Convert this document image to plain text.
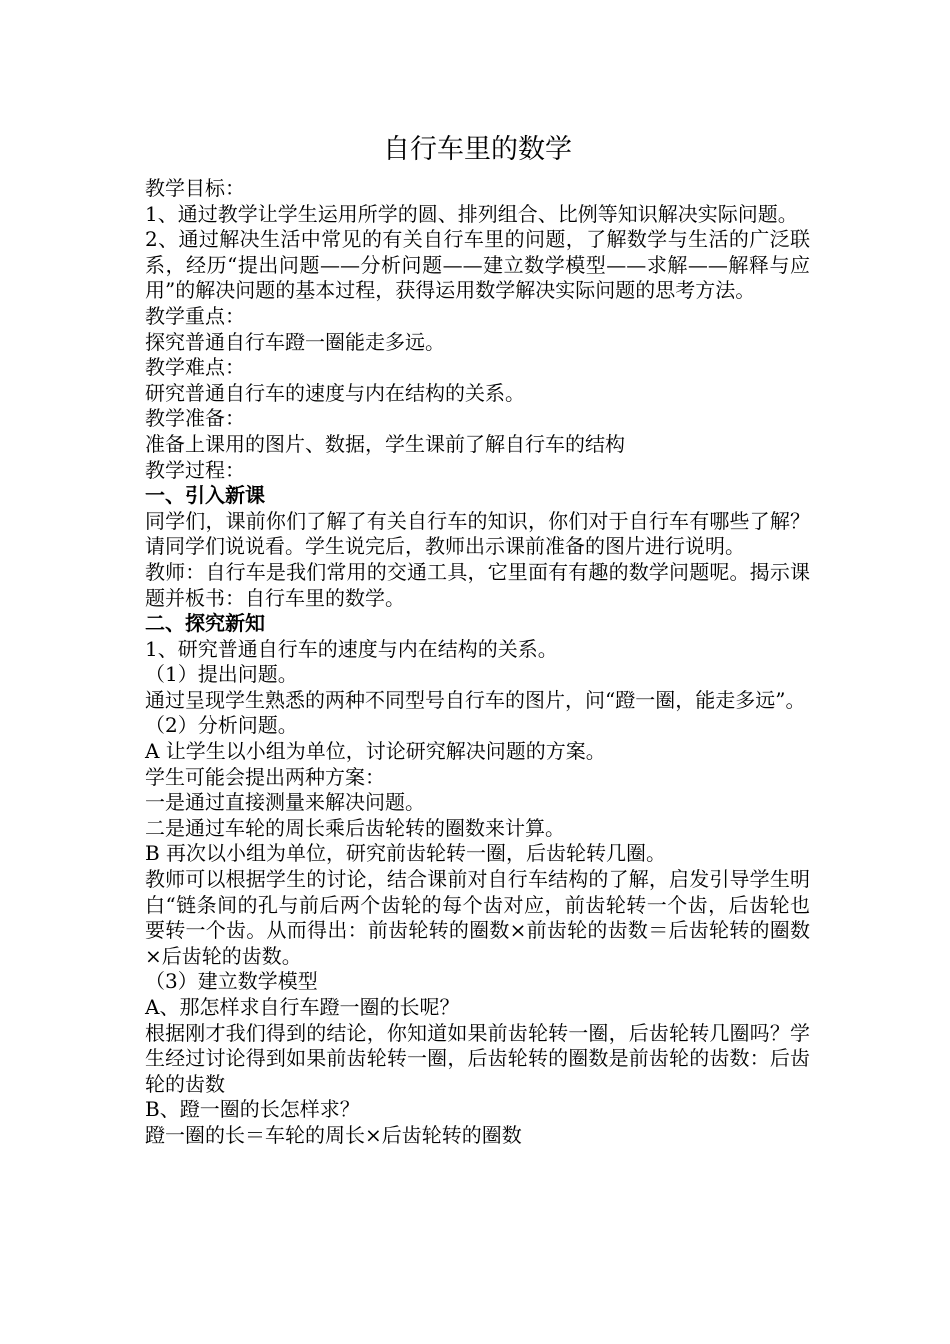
自行车里的数学

教学目标：

1、通过教学让学生运用所学的圆、排列组合、比例等知识解决实际问题。

2、通过解决生活中常见的有关自行车里的问题，了解数学与生活的广泛联系，经历“提出问题——分析问题——建立数学模型——求解——解释与应用”的解决问题的基本过程，获得运用数学解决实际问题的思考方法。

教学重点：

探究普通自行车蹬一圈能走多远。

教学难点：

研究普通自行车的速度与内在结构的关系。

教学准备：

准备上课用的图片、数据，学生课前了解自行车的结构

教学过程：

一、引入新课

同学们，课前你们了解了有关自行车的知识，你们对于自行车有哪些了解？请同学们说说看。学生说完后，教师出示课前准备的图片进行说明。

教师：自行车是我们常用的交通工具，它里面有有趣的数学问题呢。揭示课题并板书：自行车里的数学。

二、探究新知

1、研究普通自行车的速度与内在结构的关系。

（1）提出问题。

通过呈现学生熟悉的两种不同型号自行车的图片，问“蹬一圈，能走多远”。

（2）分析问题。

A 让学生以小组为单位，讨论研究解决问题的方案。

学生可能会提出两种方案：

一是通过直接测量来解决问题。

二是通过车轮的周长乘后齿轮转的圈数来计算。

B 再次以小组为单位，研究前齿轮转一圈，后齿轮转几圈。

教师可以根据学生的讨论，结合课前对自行车结构的了解，启发引导学生明白“链条间的孔与前后两个齿轮的每个齿对应，前齿轮转一个齿，后齿轮也要转一个齿。从而得出：前齿轮转的圈数×前齿轮的齿数＝后齿轮转的圈数×后齿轮的齿数。

（3）建立数学模型

A、那怎样求自行车蹬一圈的长呢？

根据刚才我们得到的结论，你知道如果前齿轮转一圈，后齿轮转几圈吗？学生经过讨论得到如果前齿轮转一圈，后齿轮转的圈数是前齿轮的齿数：后齿轮的齿数

B、蹬一圈的长怎样求？

蹬一圈的长＝车轮的周长×后齿轮转的圈数
